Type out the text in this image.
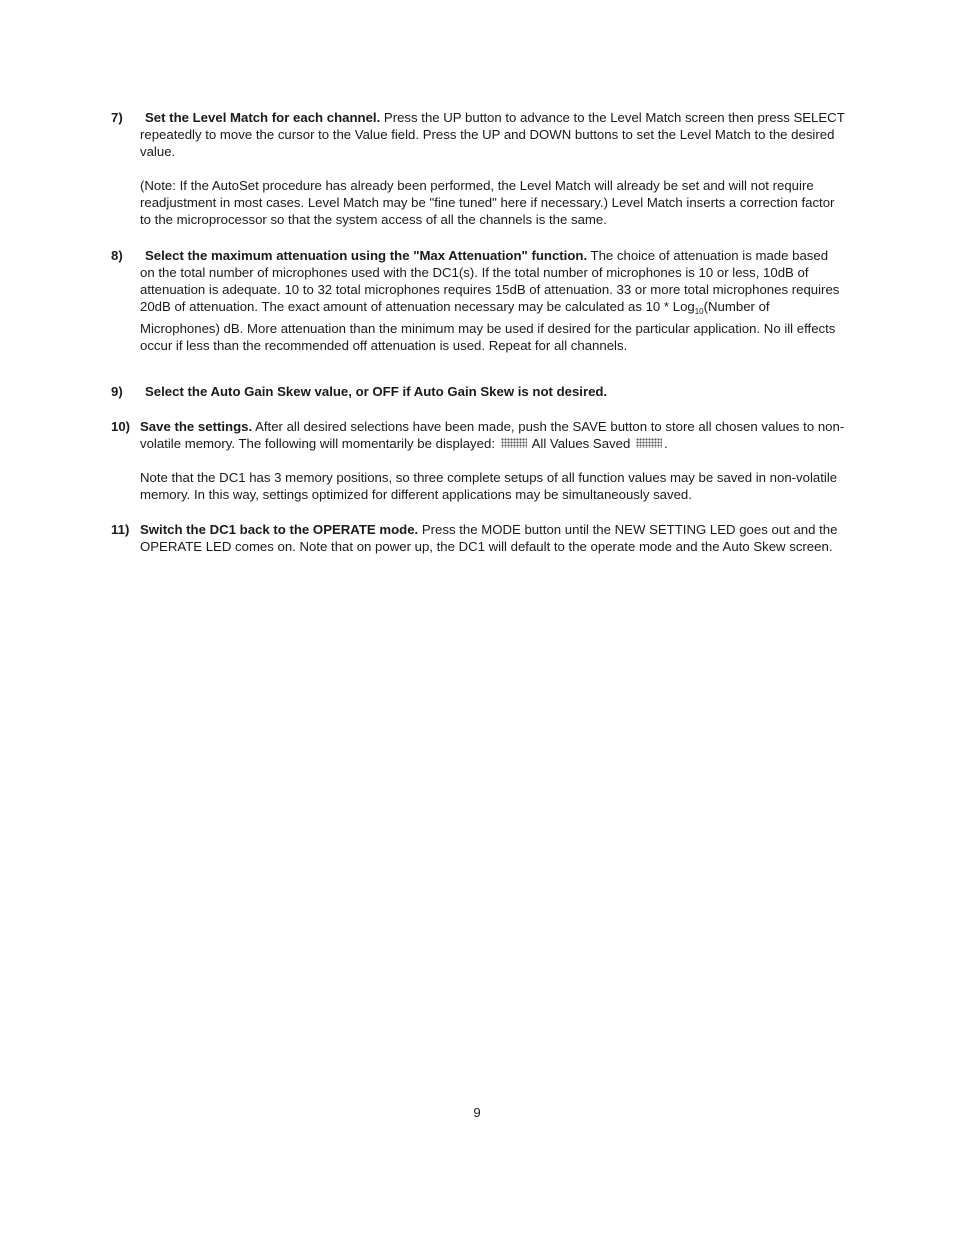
7)	Set the Level Match for each channel. Press the UP button to advance to the Level Match screen then press SELECT repeatedly to move the cursor to the Value field. Press the UP and DOWN buttons to set the Level Match to the desired value.

(Note: If the AutoSet procedure has already been performed, the Level Match will already be set and will not require readjustment in most cases. Level Match may be "fine tuned" here if necessary.) Level Match inserts a correction factor to the microprocessor so that the system access of all the channels is the same.

8)	Select the maximum attenuation using the "Max Attenuation" function. The choice of attenuation is made based on the total number of microphones used with the DC1(s). If the total number of microphones is 10 or less, 10dB of attenuation is adequate. 10 to 32 total microphones requires 15dB of attenuation. 33 or more total microphones requires 20dB of attenuation. The exact amount of attenuation necessary may be calculated as 10 * Log$_{10}$(Number of Microphones) dB. More attenuation than the minimum may be used if desired for the particular application. No ill effects occur if less than the recommended off attenuation is used. Repeat for all channels.

9)	Select the Auto Gain Skew value, or OFF if Auto Gain Skew is not desired.

10) Save the settings. After all desired selections have been made, push the SAVE button to store all chosen values to non-volatile memory. The following will momentarily be displayed:  All Values Saved .

Note that the DC1 has 3 memory positions, so three complete setups of all function values may be saved in non-volatile memory. In this way, settings optimized for different applications may be simultaneously saved.

11) Switch the DC1 back to the OPERATE mode. Press the MODE button until the NEW SETTING LED goes out and the OPERATE LED comes on. Note that on power up, the DC1 will default to the operate mode and the Auto Skew screen.

9
